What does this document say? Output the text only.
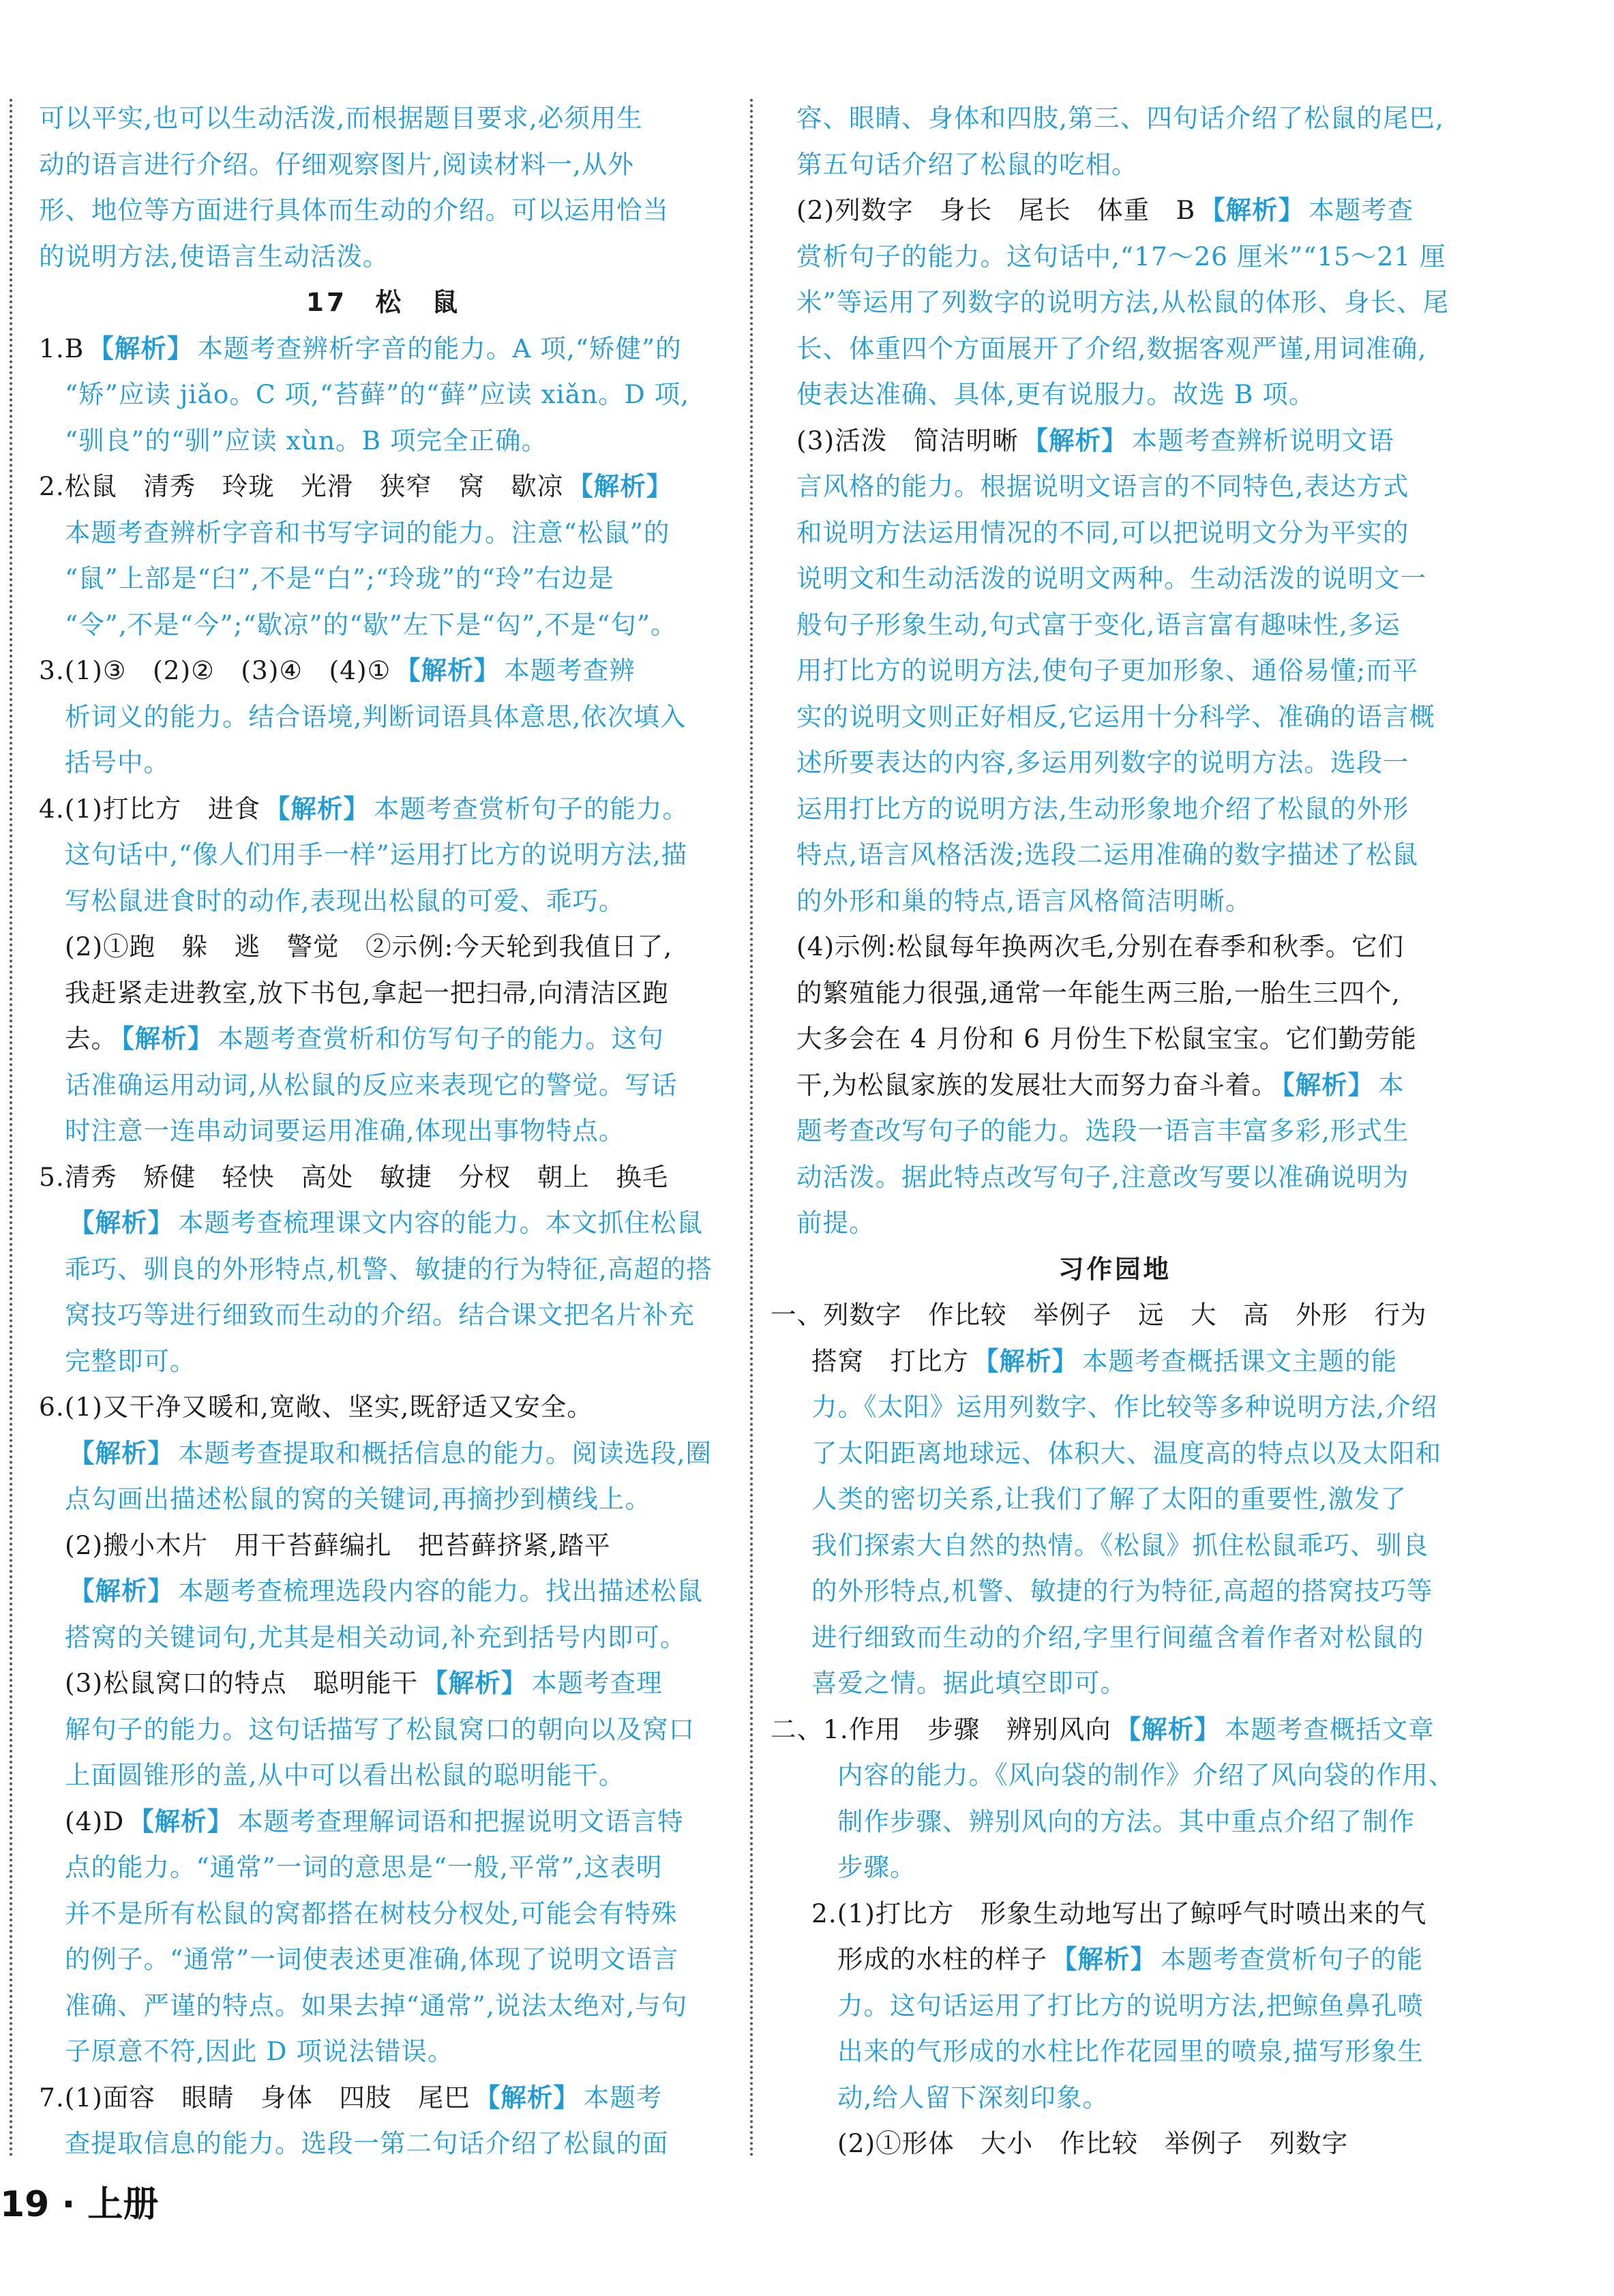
可以平实,也可以生动活泼,而根据题目要求,必须用生

动的语言进行介绍。仔细观察图片,阅读材料一,从外

形、地位等方面进行具体而生动的介绍。可以运用恰当

的说明方法,使语言生动活泼。

17　松　鼠

1.B 【解析】 本题考查辨析字音的能力。A 项,“矫健”的

“矫”应读 jiǎo。C 项,“苔藓”的“藓”应读 xiǎn。D 项,

“驯良”的“驯”应读 xùn。B 项完全正确。

2.松鼠　清秀　玲珑　光滑　狭窄　窝　歇凉 【解析】

本题考查辨析字音和书写字词的能力。注意“松鼠”的

“鼠”上部是“臼”,不是“白”;“玲珑”的“玲”右边是

“令”,不是“今”;“歇凉”的“歇”左下是“匃”,不是“匂”。

3.(1)③　(2)②　(3)④　(4)① 【解析】 本题考查辨

析词义的能力。结合语境,判断词语具体意思,依次填入

括号中。

4.(1)打比方　进食 【解析】 本题考查赏析句子的能力。

这句话中,“像人们用手一样”运用打比方的说明方法,描

写松鼠进食时的动作,表现出松鼠的可爱、乖巧。

(2)①跑　躲　逃　警觉　②示例:今天轮到我值日了,

我赶紧走进教室,放下书包,拿起一把扫帚,向清洁区跑

去。 【解析】 本题考查赏析和仿写句子的能力。这句

话准确运用动词,从松鼠的反应来表现它的警觉。写话

时注意一连串动词要运用准确,体现出事物特点。

5.清秀　矫健　轻快　高处　敏捷　分杈　朝上　换毛

【解析】 本题考查梳理课文内容的能力。本文抓住松鼠

乖巧、驯良的外形特点,机警、敏捷的行为特征,高超的搭

窝技巧等进行细致而生动的介绍。结合课文把名片补充

完整即可。

6.(1)又干净又暖和,宽敞、坚实,既舒适又安全。

【解析】 本题考查提取和概括信息的能力。阅读选段,圈

点勾画出描述松鼠的窝的关键词,再摘抄到横线上。

(2)搬小木片　用干苔藓编扎　把苔藓挤紧,踏平

【解析】 本题考查梳理选段内容的能力。找出描述松鼠

搭窝的关键词句,尤其是相关动词,补充到括号内即可。

(3)松鼠窝口的特点　聪明能干 【解析】 本题考查理

解句子的能力。这句话描写了松鼠窝口的朝向以及窝口

上面圆锥形的盖,从中可以看出松鼠的聪明能干。

(4)D 【解析】 本题考查理解词语和把握说明文语言特

点的能力。“通常”一词的意思是“一般,平常”,这表明

并不是所有松鼠的窝都搭在树枝分杈处,可能会有特殊

的例子。“通常”一词使表述更准确,体现了说明文语言

准确、严谨的特点。如果去掉“通常”,说法太绝对,与句

子原意不符,因此 D 项说法错误。

7.(1)面容　眼睛　身体　四肢　尾巴 【解析】 本题考

查提取信息的能力。选段一第二句话介绍了松鼠的面

容、眼睛、身体和四肢,第三、四句话介绍了松鼠的尾巴,

第五句话介绍了松鼠的吃相。

(2)列数字　身长　尾长　体重　B 【解析】 本题考查

赏析句子的能力。这句话中,“17～26 厘米”“15～21 厘

米”等运用了列数字的说明方法,从松鼠的体形、身长、尾

长、体重四个方面展开了介绍,数据客观严谨,用词准确,

使表达准确、具体,更有说服力。故选 B 项。

(3)活泼　简洁明晰 【解析】 本题考查辨析说明文语

言风格的能力。根据说明文语言的不同特色,表达方式

和说明方法运用情况的不同,可以把说明文分为平实的

说明文和生动活泼的说明文两种。生动活泼的说明文一

般句子形象生动,句式富于变化,语言富有趣味性,多运

用打比方的说明方法,使句子更加形象、通俗易懂;而平

实的说明文则正好相反,它运用十分科学、准确的语言概

述所要表达的内容,多运用列数字的说明方法。选段一

运用打比方的说明方法,生动形象地介绍了松鼠的外形

特点,语言风格活泼;选段二运用准确的数字描述了松鼠

的外形和巢的特点,语言风格简洁明晰。

(4)示例:松鼠每年换两次毛,分别在春季和秋季。它们

的繁殖能力很强,通常一年能生两三胎,一胎生三四个,

大多会在 4 月份和 6 月份生下松鼠宝宝。它们勤劳能

干,为松鼠家族的发展壮大而努力奋斗着。 【解析】 本

题考查改写句子的能力。选段一语言丰富多彩,形式生

动活泼。据此特点改写句子,注意改写要以准确说明为

前提。

习作园地

一、列数字　作比较　举例子　远　大　高　外形　行为

搭窝　打比方 【解析】 本题考查概括课文主题的能

力。《太阳》运用列数字、作比较等多种说明方法,介绍

了太阳距离地球远、体积大、温度高的特点以及太阳和

人类的密切关系,让我们了解了太阳的重要性,激发了

我们探索大自然的热情。《松鼠》抓住松鼠乖巧、驯良

的外形特点,机警、敏捷的行为特征,高超的搭窝技巧等

进行细致而生动的介绍,字里行间蕴含着作者对松鼠的

喜爱之情。据此填空即可。

二、1.作用　步骤　辨别风向 【解析】 本题考查概括文章

内容的能力。《风向袋的制作》介绍了风向袋的作用、

制作步骤、辨别风向的方法。其中重点介绍了制作

步骤。

2.(1)打比方　形象生动地写出了鲸呼气时喷出来的气

形成的水柱的样子 【解析】 本题考查赏析句子的能

力。这句话运用了打比方的说明方法,把鲸鱼鼻孔喷

出来的气形成的水柱比作花园里的喷泉,描写形象生

动,给人留下深刻印象。

(2)①形体　大小　作比较　举例子　列数字

19 · 上册
